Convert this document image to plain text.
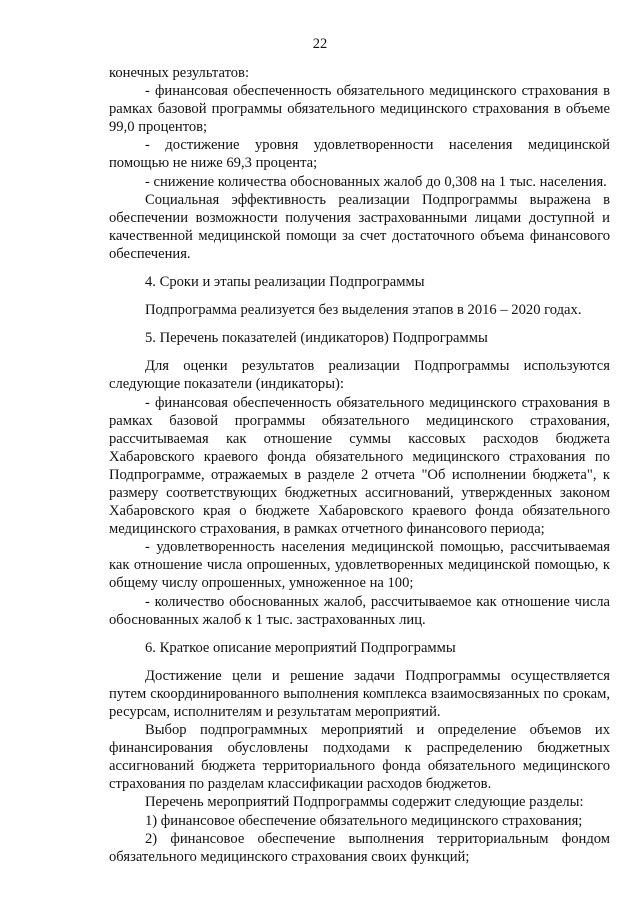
22

конечных результатов:

- финансовая обеспеченность обязательного медицинского страхования в рамках базовой программы обязательного медицинского страхования в объеме 99,0 процентов;

- достижение уровня удовлетворенности населения медицинской помощью не ниже 69,3 процента;

- снижение количества обоснованных жалоб до 0,308 на 1 тыс. населения.

Социальная эффективность реализации Подпрограммы выражена в обеспечении возможности получения застрахованными лицами доступной и качественной медицинской помощи за счет достаточного объема финансового обеспечения.

4. Сроки и этапы реализации Подпрограммы

Подпрограмма реализуется без выделения этапов в 2016 – 2020 годах.

5. Перечень показателей (индикаторов) Подпрограммы

Для оценки результатов реализации Подпрограммы используются следующие показатели (индикаторы):

- финансовая обеспеченность обязательного медицинского страхования в рамках базовой программы обязательного медицинского страхования, рассчитываемая как отношение суммы кассовых расходов бюджета Хабаровского краевого фонда обязательного медицинского страхования по Подпрограмме, отражаемых в разделе 2 отчета "Об исполнении бюджета", к размеру соответствующих бюджетных ассигнований, утвержденных законом Хабаровского края о бюджете Хабаровского краевого фонда обязательного медицинского страхования, в рамках отчетного финансового периода;

- удовлетворенность населения медицинской помощью, рассчитываемая как отношение числа опрошенных, удовлетворенных медицинской помощью, к общему числу опрошенных, умноженное на 100;

- количество обоснованных жалоб, рассчитываемое как отношение числа обоснованных жалоб к 1 тыс. застрахованных лиц.

6. Краткое описание мероприятий Подпрограммы

Достижение цели и решение задачи Подпрограммы осуществляется путем скоординированного выполнения комплекса взаимосвязанных по срокам, ресурсам, исполнителям и результатам мероприятий.

Выбор подпрограммных мероприятий и определение объемов их финансирования обусловлены подходами к распределению бюджетных ассигнований бюджета территориального фонда обязательного медицинского страхования по разделам классификации расходов бюджетов.

Перечень мероприятий Подпрограммы содержит следующие разделы:

1) финансовое обеспечение обязательного медицинского страхования;

2) финансовое обеспечение выполнения территориальным фондом обязательного медицинского страхования своих функций;
